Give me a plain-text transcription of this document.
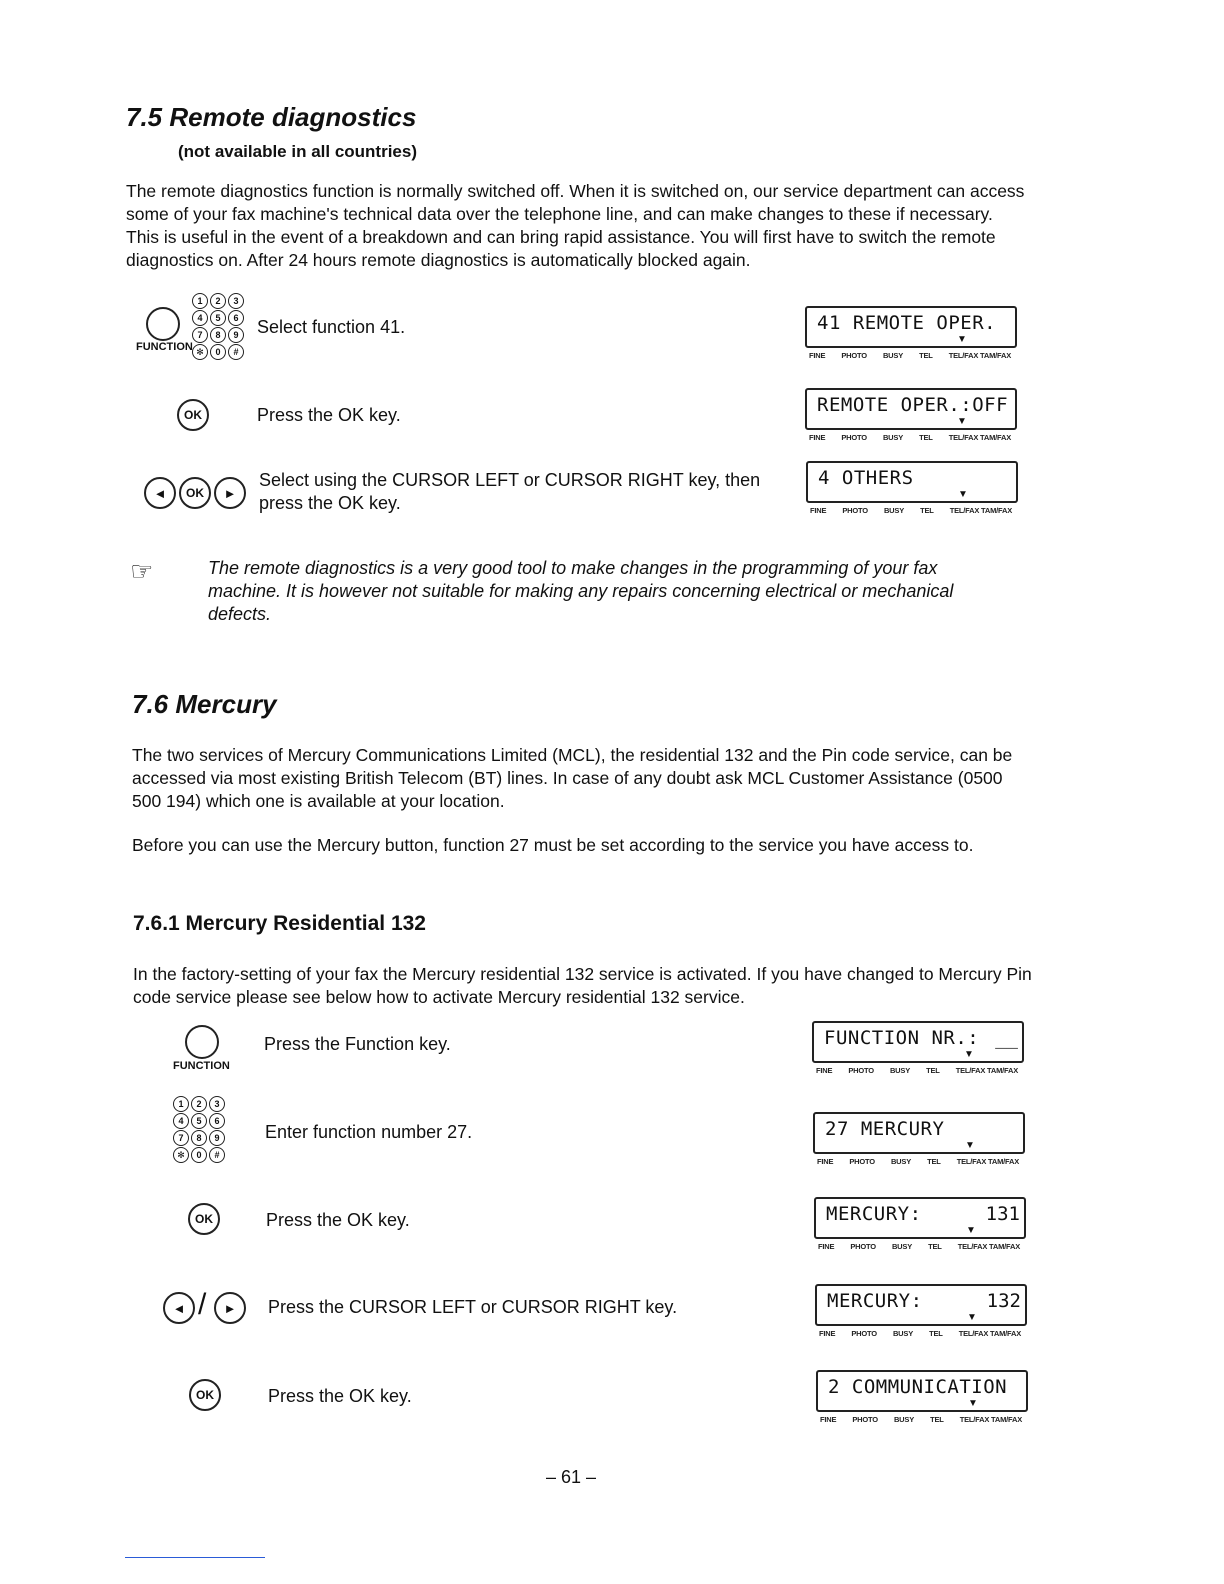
7.5 Remote diagnostics
(not available in all countries)
The remote diagnostics function is normally switched off. When it is switched on, our service department can access some of your fax machine's technical data over the telephone line, and can make changes to these if necessary. This is useful in the event of a breakdown and can bring rapid assistance. You will first have to switch the remote diagnostics on. After 24 hours remote diagnostics is automatically blocked again.
FUNCTION
1	2	3
4	5	6
7	8	9
✻	0	#
Select function 41.	41 REMOTE OPER.
▼
FINE PHOTO BUSY TEL TEL/FAX TAM/FAX
OK	Press the OK key.	REMOTE OPER.:OFF
▼
FINE PHOTO BUSY TEL TEL/FAX TAM/FAX
◄	OK	►
Select using the CURSOR LEFT or CURSOR RIGHT key, then press the OK key.
4 OTHERS
▼
FINE PHOTO BUSY TEL TEL/FAX TAM/FAX
☞	The remote diagnostics is a very good tool to make changes in the programming of your fax machine. It is however not suitable for making any repairs concerning electrical or mechanical defects.
7.6 Mercury
The two services of Mercury Communications Limited (MCL), the residential 132 and the Pin code service, can be accessed via most existing British Telecom (BT) lines. In case of any doubt ask MCL Customer Assistance (0500 500 194) which one is available at your location.
Before you can use the Mercury button, function 27 must be set according to the service you have access to.
7.6.1 Mercury Residential 132
In the factory-setting of your fax the Mercury residential 132 service is activated. If you have changed to Mercury Pin code service please see below how to activate Mercury residential 132 service.
FUNCTION
Press the Function key.	FUNCTION NR.: __
▼
FINE PHOTO BUSY TEL TEL/FAX TAM/FAX
1	2	3
4	5	6
7	8	9
✻	0	#
Enter function number 27.	27 MERCURY
▼
FINE PHOTO BUSY TEL TEL/FAX TAM/FAX
OK	Press the OK key.	MERCURY:	131
▼
FINE PHOTO BUSY TEL TEL/FAX TAM/FAX
◄ /	►	Press the CURSOR LEFT or CURSOR RIGHT key.	MERCURY:	132
▼
FINE PHOTO BUSY TEL TEL/FAX TAM/FAX
OK	Press the OK key.	2 COMMUNICATION
▼
FINE PHOTO BUSY TEL TEL/FAX TAM/FAX
– 61 –
